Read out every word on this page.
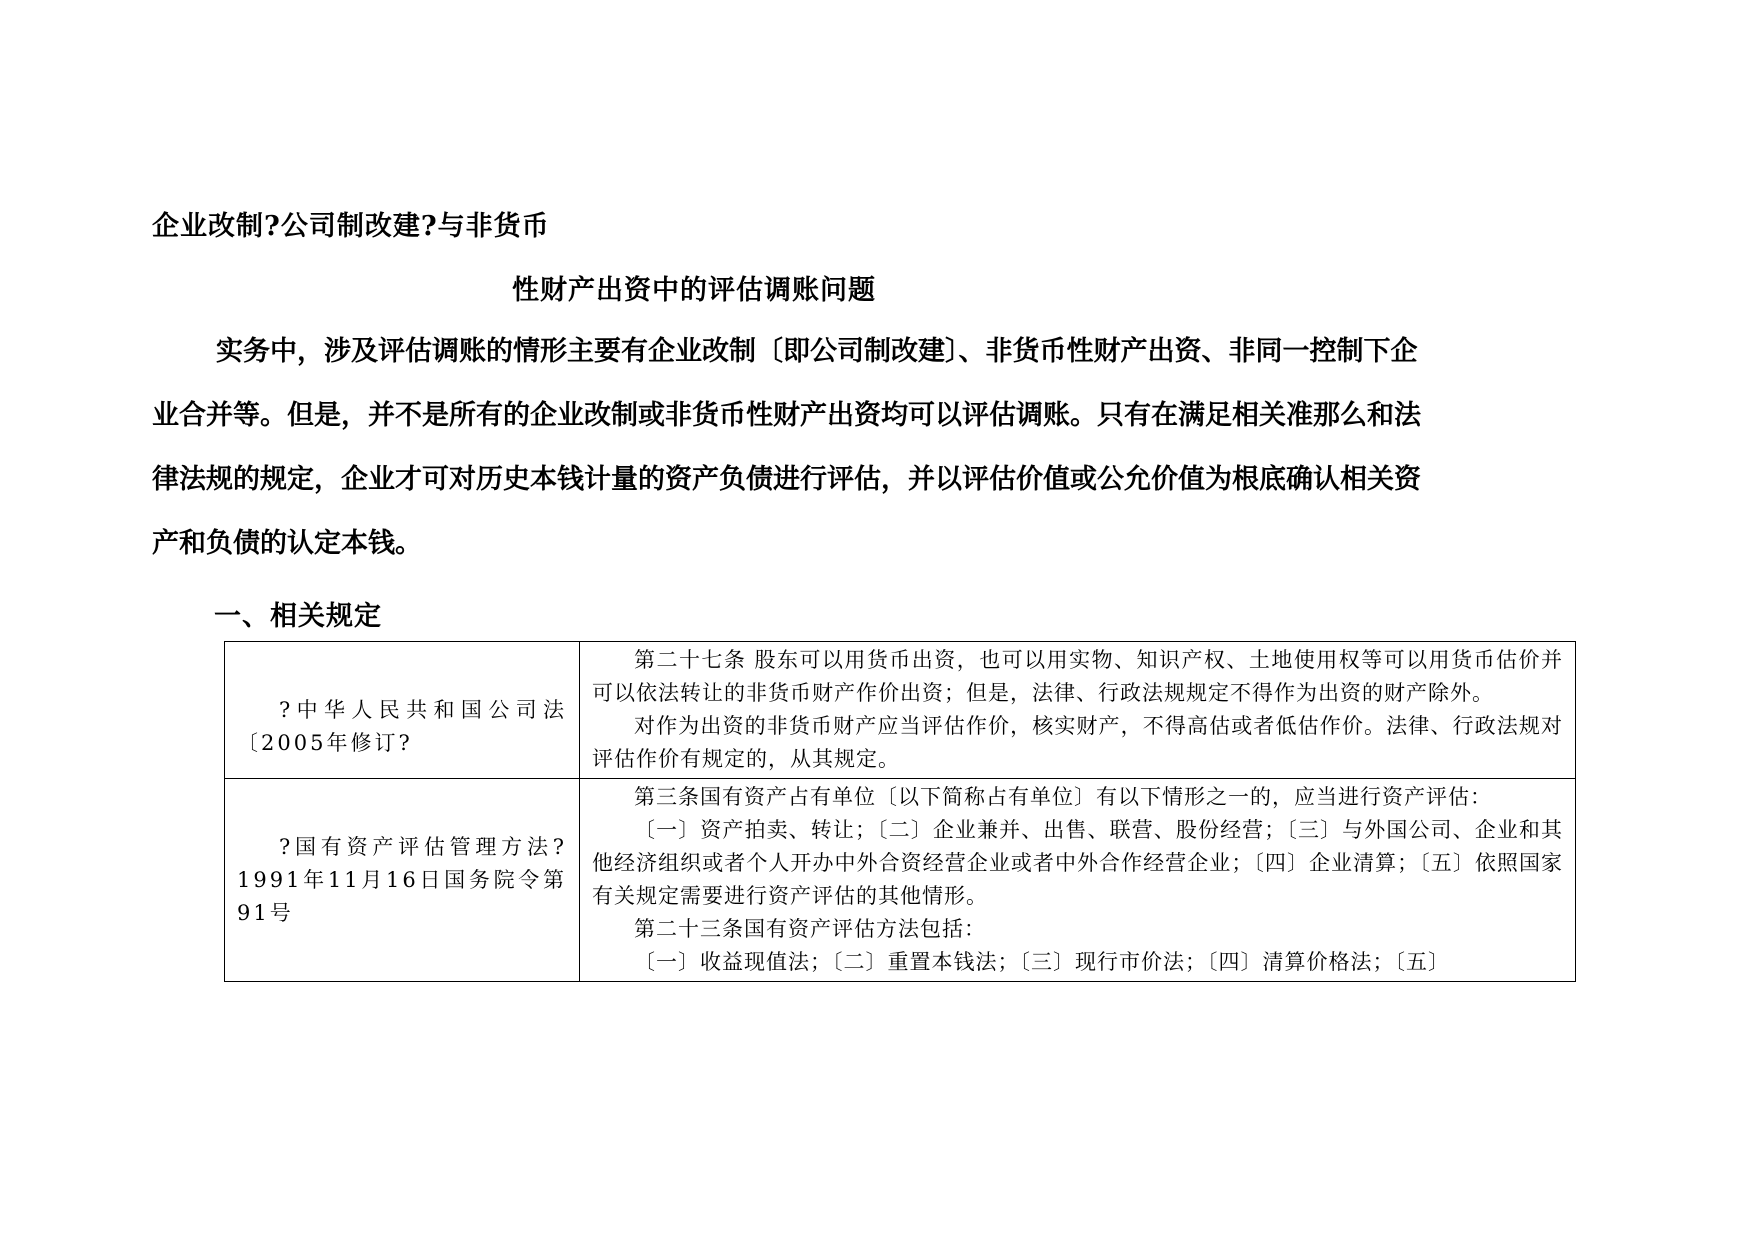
企业改制?公司制改建?与非货币
性财产出资中的评估调账问题
实务中，涉及评估调账的情形主要有企业改制〔即公司制改建〕、非货币性财产出资、非同一控制下企
业合并等。但是，并不是所有的企业改制或非货币性财产出资均可以评估调账。只有在满足相关准那么和法
律法规的规定，企业才可对历史本钱计量的资产负债进行评估，并以评估价值或公允价值为根底确认相关资
产和负债的认定本钱。
一、相关规定
?中华人民共和国公司法〔2005年修订?	第二十七条 股东可以用货币出资，也可以用实物、知识产权、土地使用权等可以用货币估价并可以依法转让的非货币财产作价出资；但是，法律、行政法规规定不得作为出资的财产除外。

对作为出资的非货币财产应当评估作价，核实财产，不得高估或者低估作价。法律、行政法规对评估作价有规定的，从其规定。

?国有资产评估管理方法?1991年11月16日国务院令第91号	第三条国有资产占有单位〔以下简称占有单位〕有以下情形之一的，应当进行资产评估：

〔一〕资产拍卖、转让；〔二〕企业兼并、出售、联营、股份经营；〔三〕与外国公司、企业和其他经济组织或者个人开办中外合资经营企业或者中外合作经营企业；〔四〕企业清算；〔五〕依照国家有关规定需要进行资产评估的其他情形。

第二十三条国有资产评估方法包括：

〔一〕收益现值法；〔二〕重置本钱法；〔三〕现行市价法；〔四〕清算价格法；〔五〕
